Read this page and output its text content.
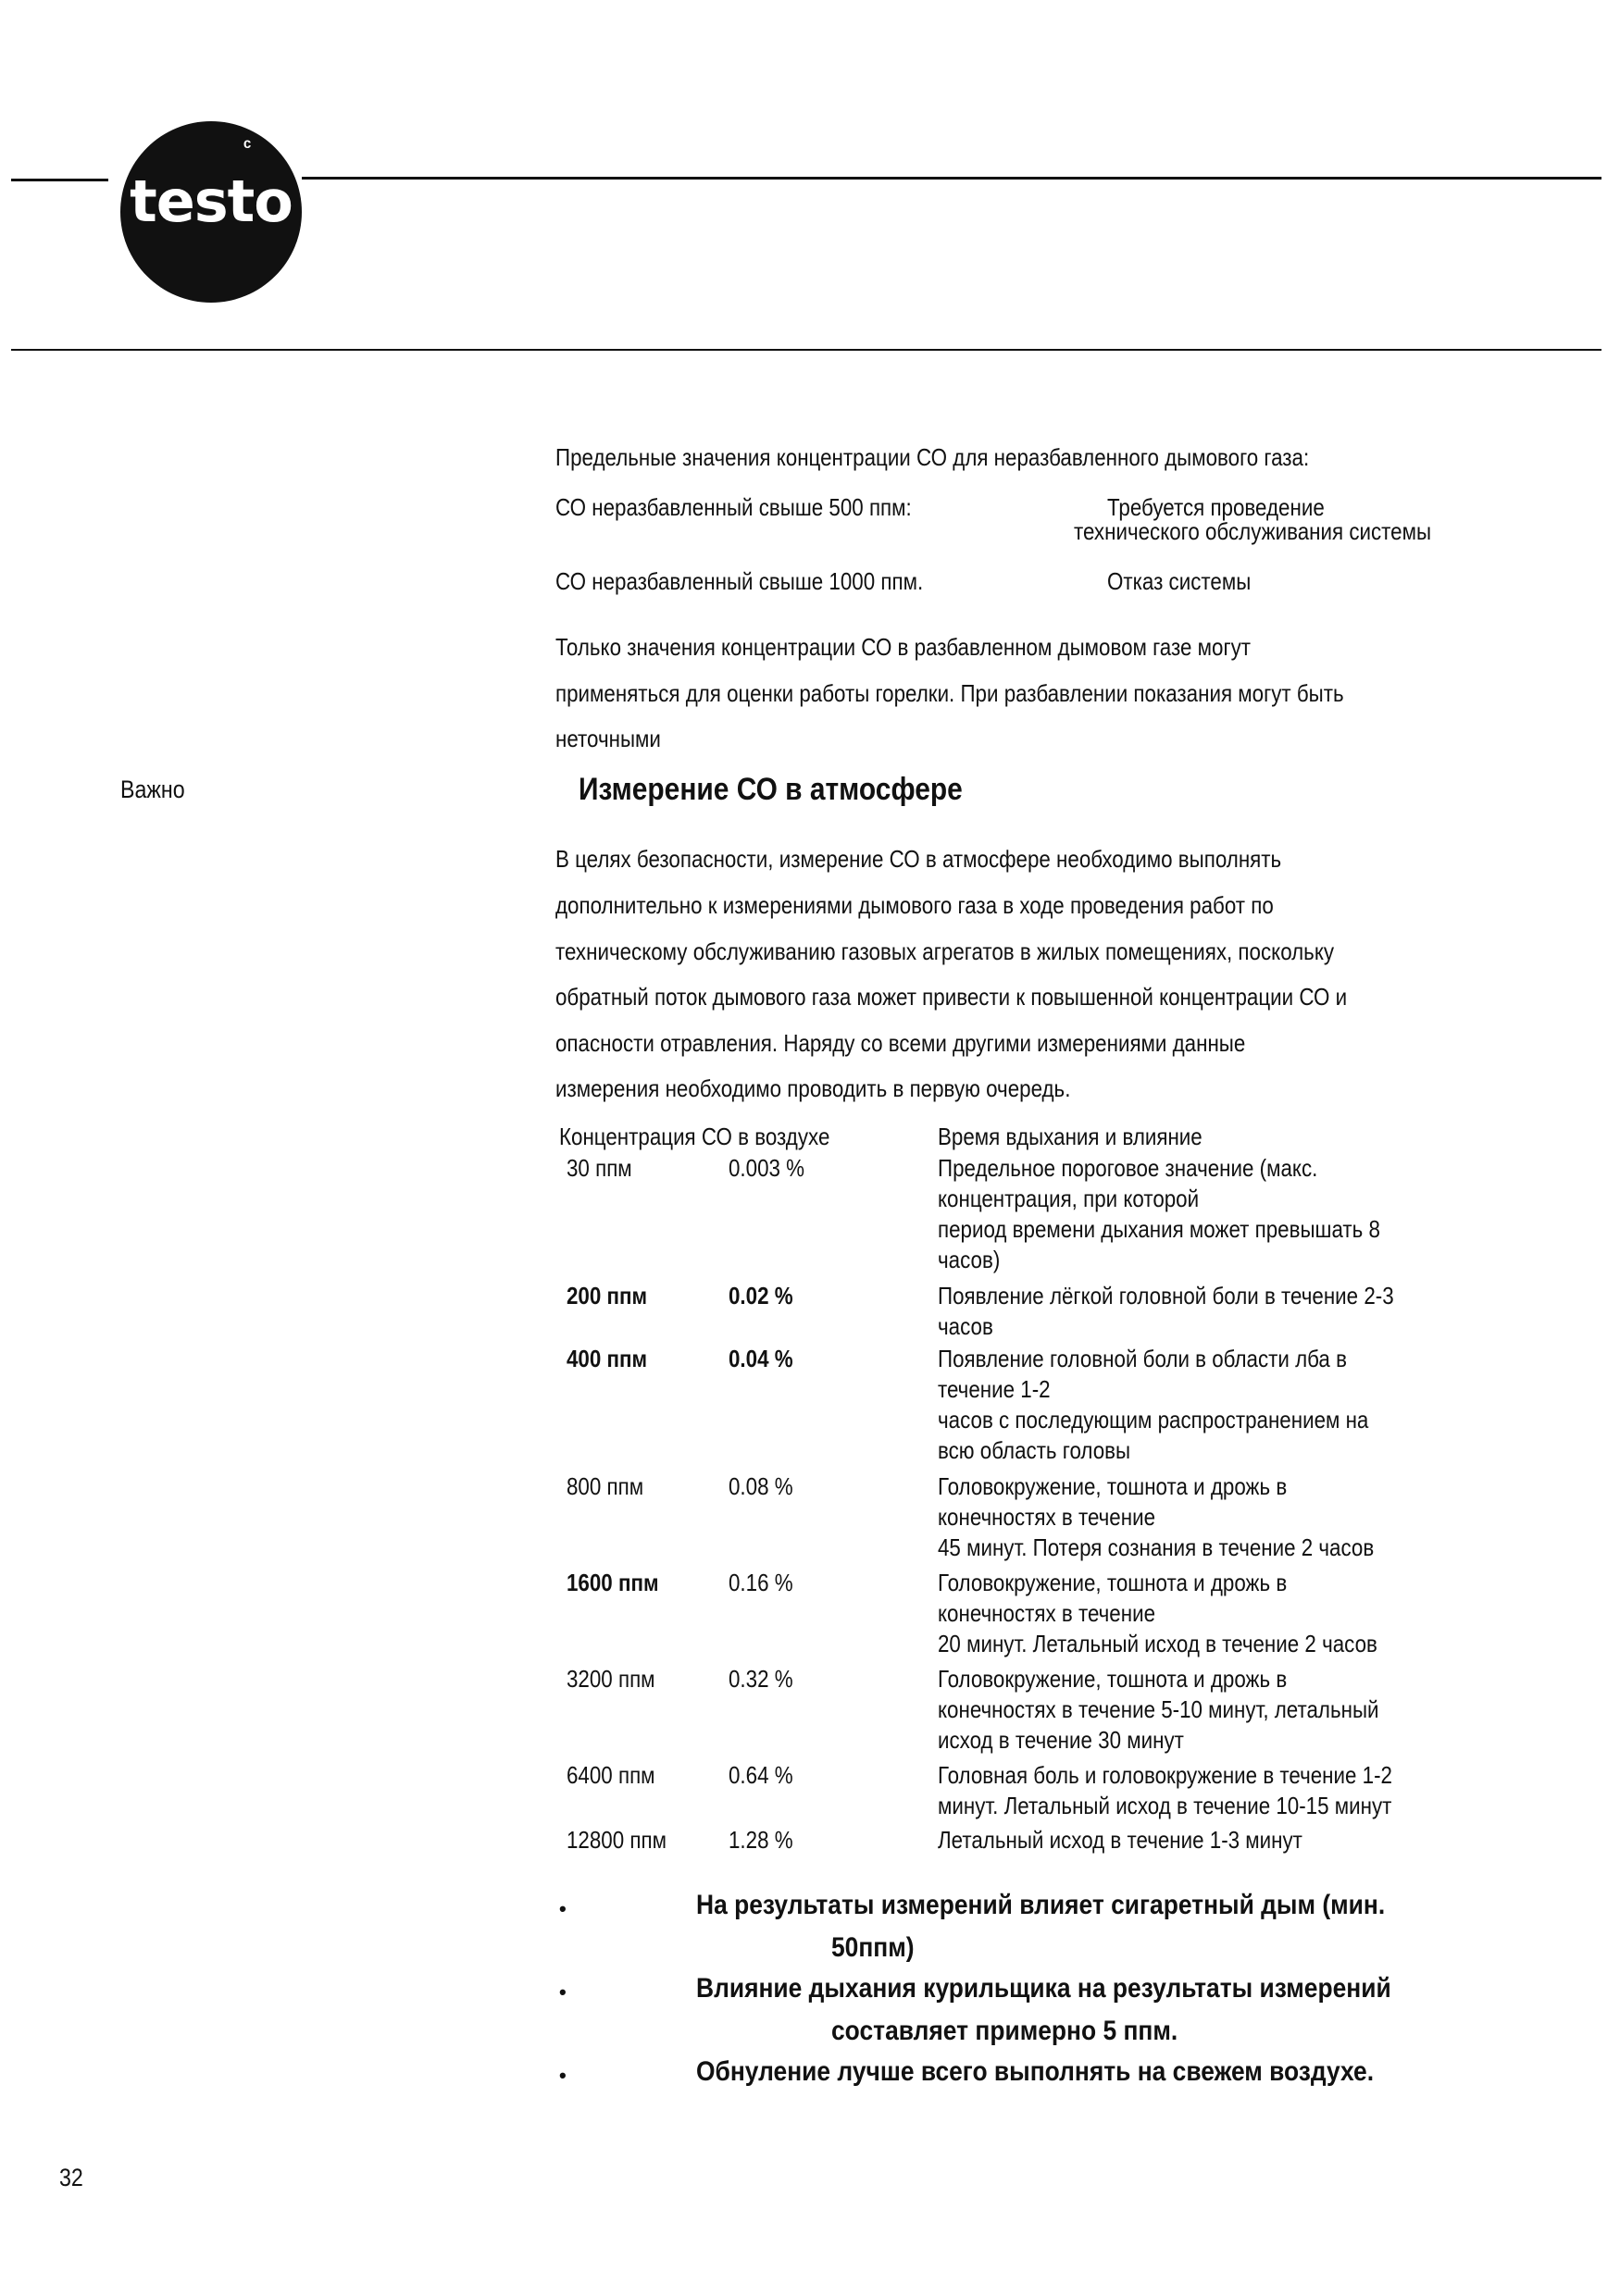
ᶜ
testo
Предельные значения концентрации СО для неразбавленного дымового газа:
СО неразбавленный свыше 500 ппм:	Требуется проведение
технического обслуживания системы
СО неразбавленный свыше 1000 ппм.	Отказ системы
Только значения концентрации СО в разбавленном дымовом газе могут
применяться для оценки работы горелки. При разбавлении показания могут быть
неточными
Важно	Измерение СО в атмосфере
В целях безопасности, измерение СО в атмосфере необходимо выполнять
дополнительно к измерениями дымового газа в ходе проведения работ по
техническому обслуживанию газовых агрегатов в жилых помещениях, поскольку
обратный поток дымового газа может привести к повышенной концентрации СО и
опасности отравления. Наряду со всеми другими измерениями данные
измерения необходимо проводить в первую очередь.
Концентрация СО в воздухе	Время вдыхания и влияние
30 ппм	0.003 %	Предельное пороговое значение (макс.
концентрация, при которой
период времени дыхания может превышать 8
часов)
200 ппм	0.02 %	Появление лёгкой головной боли в течение 2-3
часов
400 ппм	0.04 %	Появление головной боли в области лба в
течение 1-2
часов с последующим распространением на
всю область головы
800 ппм	0.08 %	Головокружение, тошнота и дрожь в
конечностях в течение
45 минут. Потеря сознания в течение 2 часов
1600 ппм	0.16 %	Головокружение, тошнота и дрожь в
конечностях в течение
20 минут. Летальный исход в течение 2 часов
3200 ппм	0.32 %	Головокружение, тошнота и дрожь в
конечностях в течение 5-10 минут, летальный
исход в течение 30 минут
6400 ппм	0.64 %	Головная боль и головокружение в течение 1-2
минут. Летальный исход в течение 10-15 минут
12800 ппм	1.28 %	Летальный исход в течение 1-3 минут
•	На результаты измерений влияет сигаретный дым (мин.
50ппм)
•	Влияние дыхания курильщика на результаты измерений
составляет примерно 5 ппм.
•	Обнуление лучше всего выполнять на свежем воздухе.
32
